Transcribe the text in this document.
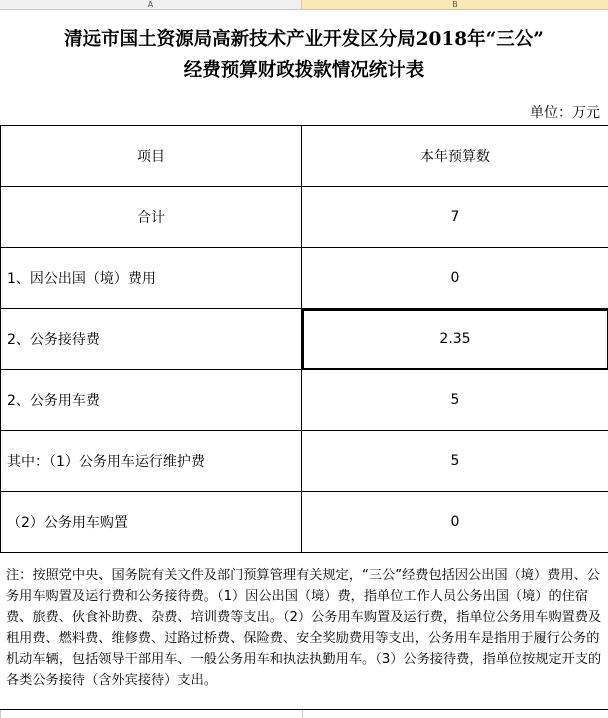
A	B
清远市国土资源局高新技术产业开发区分局2018年“三公”
经费预算财政拨款情况统计表
单位：万元
项目	本年预算数
合计	7
1、因公出国（境）费用	0
2、公务接待费	2.35
2、公务用车费	5
其中：（1）公务用车运行维护费	5
（2）公务用车购置	0
注：按照党中央、国务院有关文件及部门预算管理有关规定，“三公”经费包括因公出国（境）费用、公务用车购置及运行费和公务接待费。（1）因公出国（境）费，指单位工作人员公务出国（境）的住宿费、旅费、伙食补助费、杂费、培训费等支出。（2）公务用车购置及运行费，指单位公务用车购置费及租用费、燃料费、维修费、过路过桥费、保险费、安全奖励费用等支出，公务用车是指用于履行公务的机动车辆，包括领导干部用车、一般公务用车和执法执勤用车。（3）公务接待费，指单位按规定开支的各类公务接待（含外宾接待）支出。
